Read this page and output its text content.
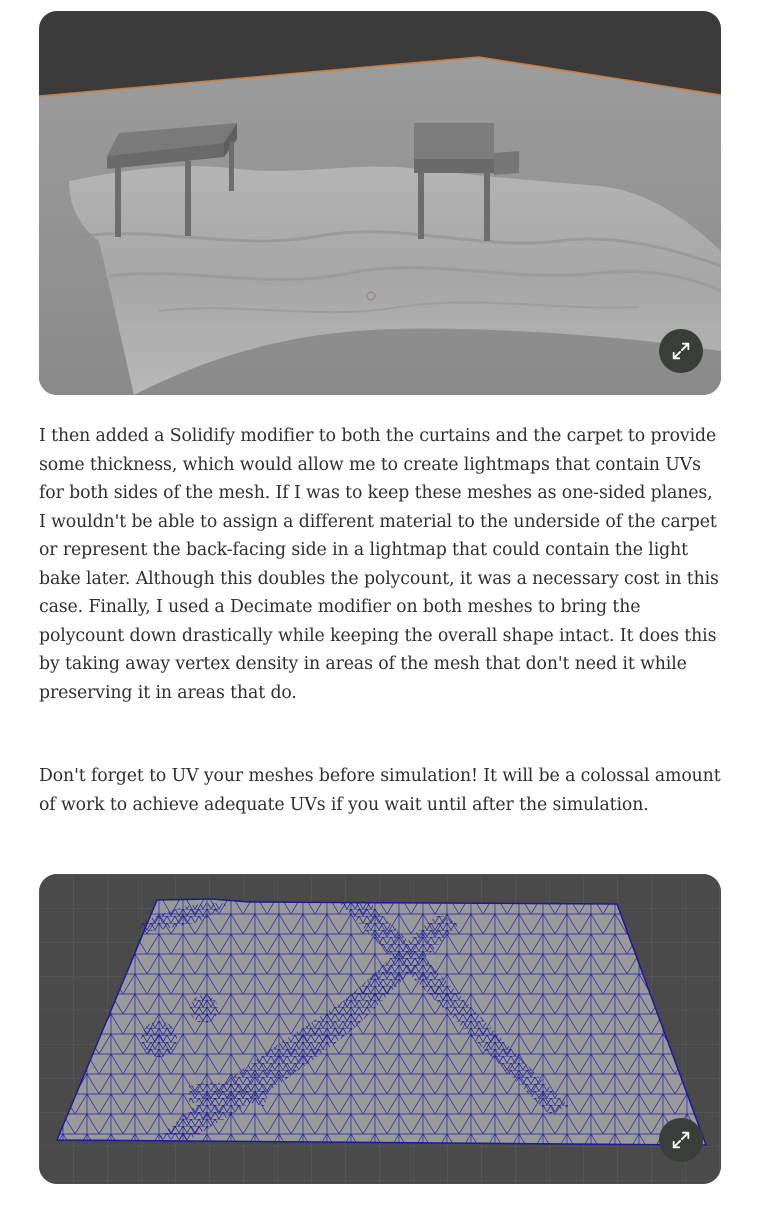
I then added a Solidify modifier to both the curtains and the carpet to provide some thickness, which would allow me to create lightmaps that contain UVs for both sides of the mesh. If I was to keep these meshes as one-sided planes, I wouldn't be able to assign a different material to the underside of the carpet or represent the back-facing side in a lightmap that could contain the light bake later. Although this doubles the polycount, it was a necessary cost in this case. Finally, I used a Decimate modifier on both meshes to bring the polycount down drastically while keeping the overall shape intact. It does this by taking away vertex density in areas of the mesh that don't need it while preserving it in areas that do.

Don't forget to UV your meshes before simulation! It will be a colossal amount of work to achieve adequate UVs if you wait until after the simulation.
